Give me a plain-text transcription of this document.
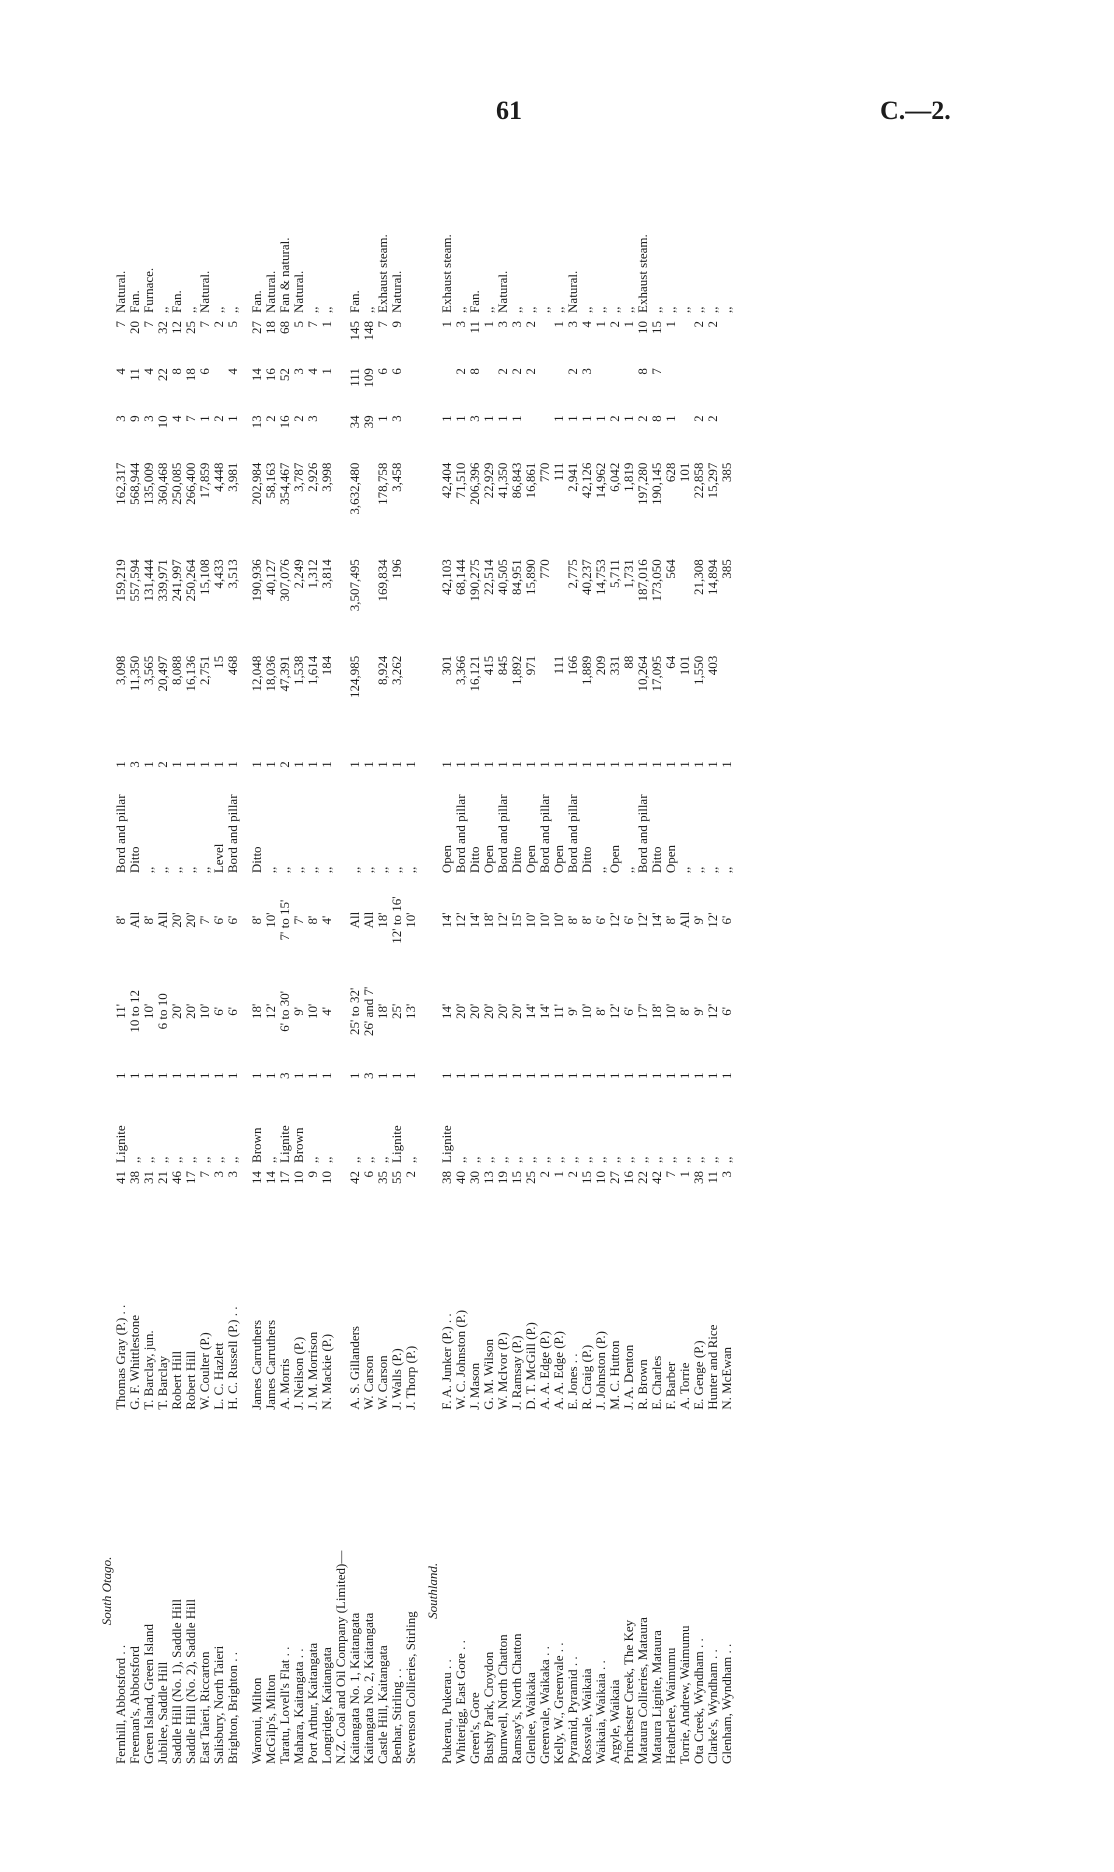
61	C.—2.
South Otago.															
Fernhill, Abbotsford . .	Thomas Gray (P.) . .	41	Lignite	1	11'	8'	Bord and pillar	1	3,098	159,219	162,317	3	4	7	Natural.
Freeman's, Abbotsford	G. F. Whittlestone	38	,,	1	10 to 12	All	Ditto	3	11,350	557,594	568,944	9	11	20	Fan.
Green Island, Green Island	T. Barclay, jun.	31	,,	1	10'	8'	,,	1	3,565	131,444	135,009	3	4	7	Furnace.
Jubilee, Saddle Hill	T. Barclay	21	,,	1	6 to 10	All	,,	2	20,497	339,971	360,468	10	22	32	,,
Saddle Hill (No. 1), Saddle Hill	Robert Hill	46	,,	1	20'	20'	,,	1	8,088	241,997	250,085	4	8	12	Fan.
Saddle Hill (No. 2), Saddle Hill	Robert Hill	17	,,	1	20'	20'	,,	1	16,136	250,264	266,400	7	18	25	,,
East Taieri, Riccarton	W. Coulter (P.)	7	,,	1	10'	7'	,,	1	2,751	15,108	17,859	1	6	7	Natural.
Salisbury, North Taieri	L. C. Hazlett	3	,,	1	6'	6'	Level	1	15	4,433	4,448	2		2	,,
Brighton, Brighton . .	H. C. Russell (P.) . .	3	,,	1	6'	6'	Bord and pillar	1	468	3,513	3,981	1	4	5	,,

Waronui, Milton	James Carruthers	14	Brown	1	18'	8'	Ditto	1	12,048	190,936	202,984	13	14	27	Fan.
McGilp's, Milton	James Carruthers	14	,,	1	12'	10'	,,	1	18,036	40,127	58,163	2	16	18	Natural.
Taratu, Lovell's Flat . .	A. Morris	17	Lignite	3	6' to 30'	7' to 15'	,,	2	47,391	307,076	354,467	16	52	68	Fan & natural.
Mahara, Kaitangata . .	J. Neilson (P.)	10	Brown	1	9'	7'	,,	1	1,538	2,249	3,787	2	3	5	Natural.
Port Arthur, Kaitangata	J. M. Morrison	9	,,	1	10'	8'	,,	1	1,614	1,312	2,926	3	4	7	,,
Longridge, Kaitangata	N. Mackie (P.)	10	,,	1	4'	4'	,,	1	184	3,814	3,998		1	1	,,
N.Z. Coal and Oil Company (Limited)—															
Kaitangata No. 1, Kaitangata	A. S. Gillanders	42	,,	1	25' to 32'	All	,,	1	124,985	3,507,495	3,632,480	34	111	145	Fan.
Kaitangata No. 2, Kaitangata	W. Carson	6	,,	3	26' and 7'	All	,,	1				39	109	148	,,
Castle Hill, Kaitangata	W. Carson	35	,,	1	18'	18'	,,	1	8,924	169,834	178,758	1	6	7	Exhaust steam.
Benhar, Stirling . .	J. Walls (P.)	55	Lignite	1	25'	12' to 16'	,,	1	3,262	196	3,458	3	6	9	Natural.
Stevenson Collieries, Stirling	J. Thorp (P.)	2	,,	1	13'	10'	,,	1							
Southland.															
Pukerau, Pukerau . .	F. A. Junker (P.) . .	38	Lignite	1	14'	14'	Open	1	301	42,103	42,404	1		1	Exhaust steam.
Whiterigg, East Gore . .	W. C. Johnston (P.)	40	,,	1	20'	12'	Bord and pillar	1	3,366	68,144	71,510	1	2	3	,,
Green's, Gore	J. Mason	30	,,	1	20'	14'	Ditto	1	16,121	190,275	206,396	3	8	11	Fan.
Bushy Park, Croydon	G. M. Wilson	13	,,	1	20'	18'	Open	1	415	22,514	22,929	1		1	,,
Burnwell, North Chatton	W. McIvor (P.)	19	,,	1	20'	12'	Bord and pillar	1	845	40,505	41,350	1	2	3	Natural.
Ramsay's, North Chatton	J. Ramsay (P.)	15	,,	1	20'	15'	Ditto	1	1,892	84,951	86,843	1	2	3	,,
Glenlee, Waikaka	D. T. McGill (P.)	25	,,	1	14'	10'	Open	1	971	15,890	16,861		2	2	,,
Greenvale, Waikaka . .	A. A. Edge (P.)	2	,,	1	14'	10'	Bord and pillar	1		770	770				,,
Kelly, W., Greenvale . .	A. A. Edge (P.)	1	,,	1	11'	10'	Open	1	111		111	1		1	,,
Pyramid, Pyramid . .	E. Jones . .	2	,,	1	9'	8'	Bord and pillar	1	166	2,775	2,941	1	2	3	Natural.
Rossvale, Waikaia	R. Craig (P.)	15	,,	1	10'	8'	Ditto	1	1,889	40,237	42,126	1	3	4	,,
Waikaia, Waikaia . .	J. Johnston (P.)	10	,,	1	8'	6'	,,	1	209	14,753	14,962	1		1	,,
Argyle, Waikaia	M. C. Hutton	27	,,	1	12'	12'	Open	1	331	5,711	6,042	2		2	,,
Princhester Creek, The Key	J. A. Denton	16	,,	1	6'	6'	,,	1	88	1,731	1,819	1		1	,,
Mataura Collieries, Mataura	R. Brown	22	,,	1	17'	12'	Bord and pillar	1	10,264	187,016	197,280	2	8	10	Exhaust steam.
Mataura Lignite, Mataura	E. Charles	42	,,	1	18'	14'	Ditto	1	17,095	173,050	190,145	8	7	15	,,
Heatherlee, Waimumu	F. Barber	7	,,	1	10'	8'	Open	1	64	564	628	1		1	,,
Torrie, Andrew, Waimumu	A. Torrie	1	,,	1	8'	All	,,	1	101		101				,,
Ota Creek, Wyndham . .	E. Genge (P.)	38	,,	1	9'	9'	,,	1	1,550	21,308	22,858	2		2	,,
Clarke's, Wyndham . .	Hunter and Rice	11	,,	1	12'	12'	,,	1	403	14,894	15,297	2		2	,,
Glenham, Wyndham . .	N. McEwan	3	,,	1	6'	6'	,,	1		385	385				,,
